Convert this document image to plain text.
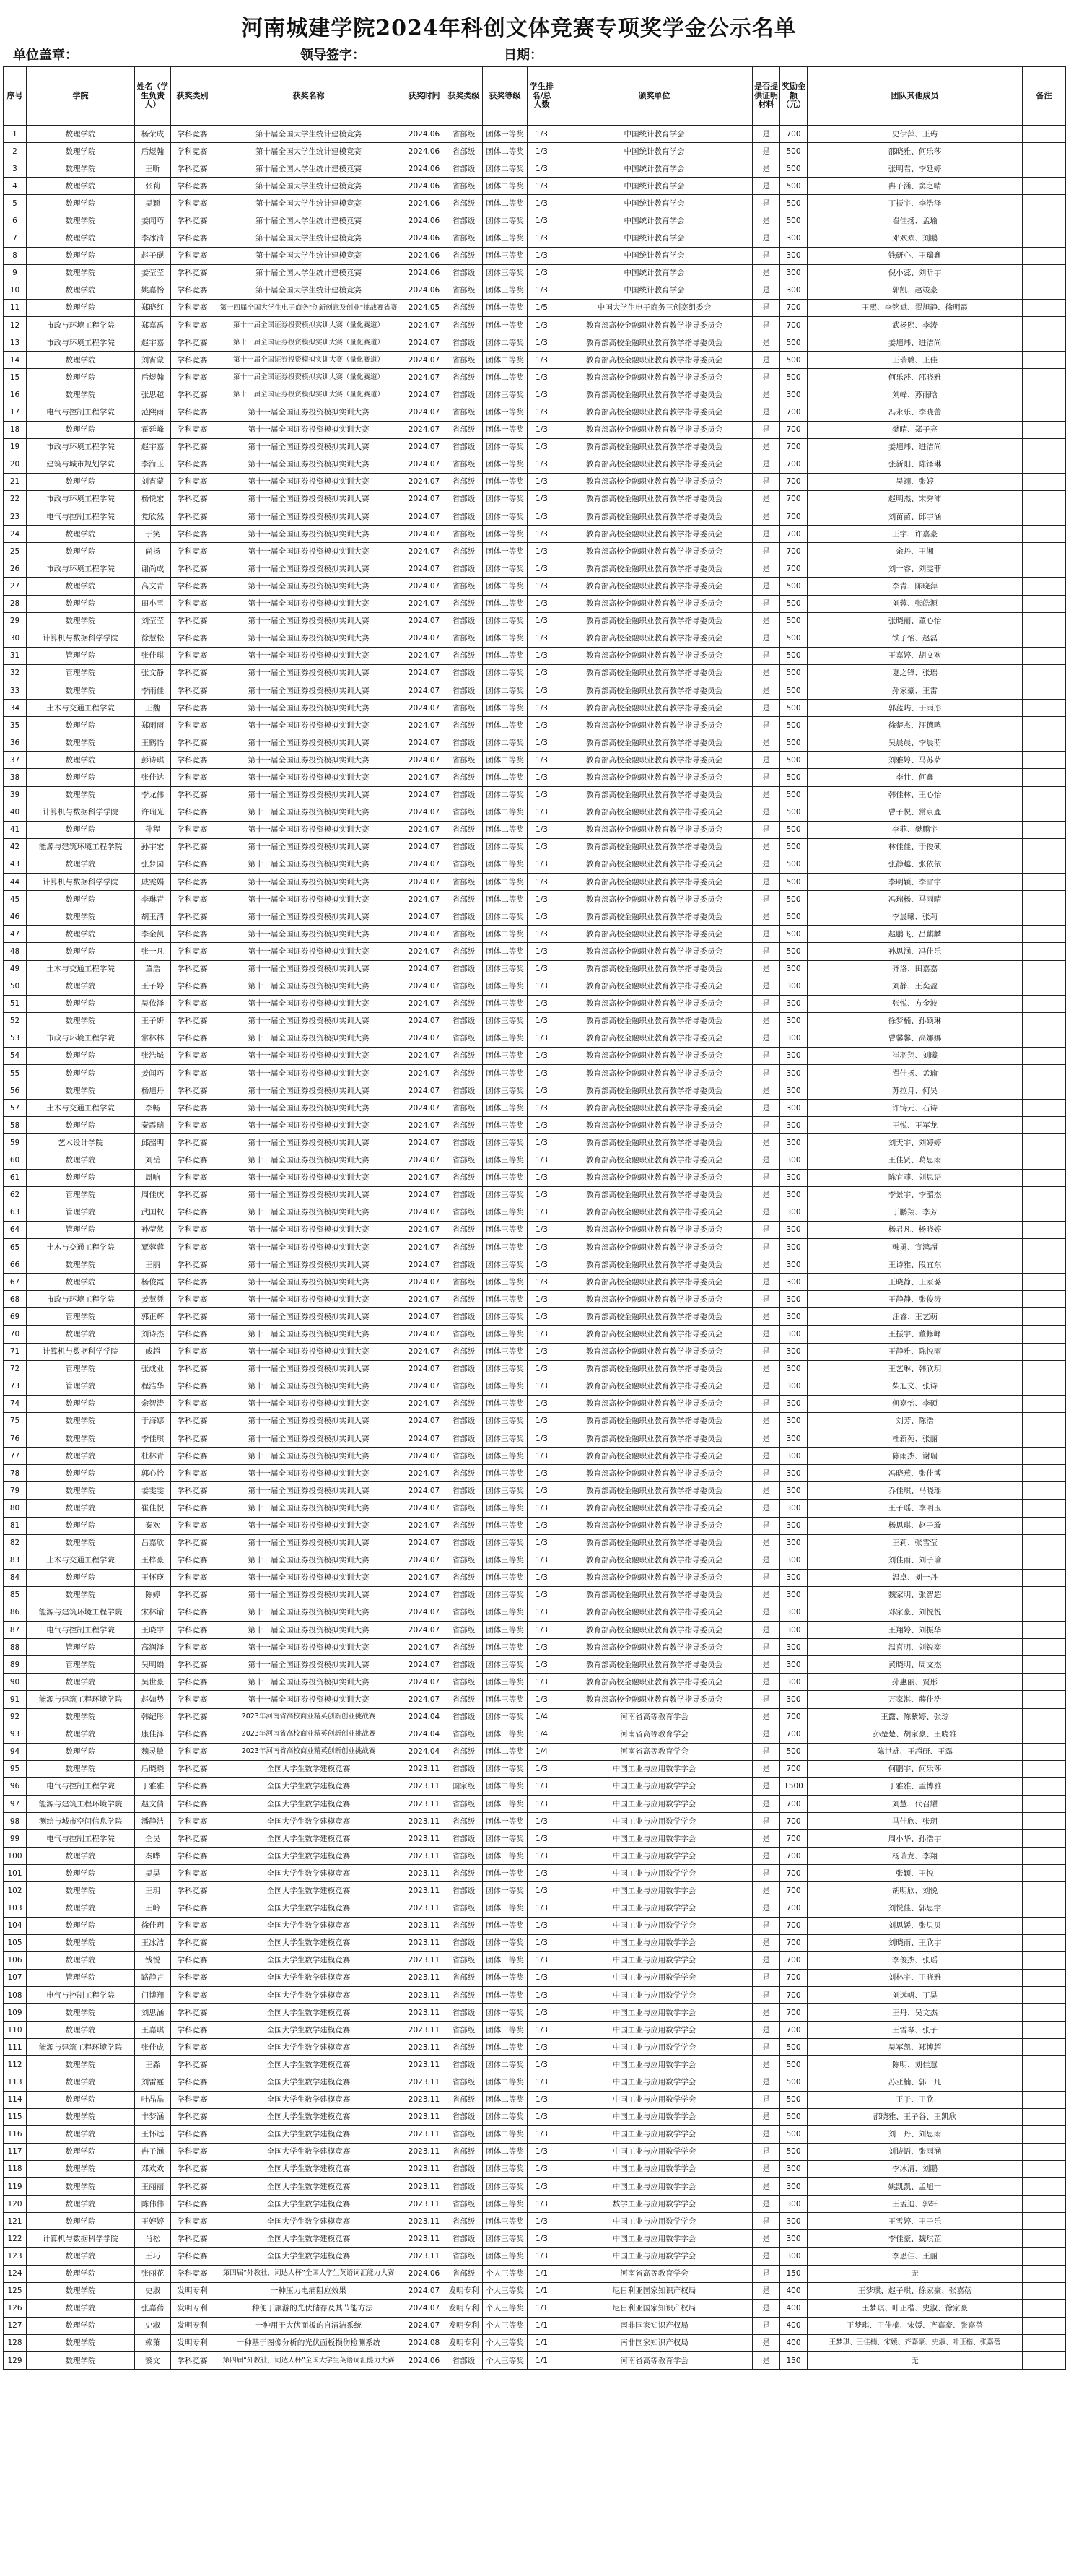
河南城建学院2024年科创文体竞赛专项奖学金公示名单
单位盖章：	领导签字：	日期：
序号	学院	姓名（学生负责人）	获奖类别	获奖名称	获奖时间	获奖类级	获奖等级	学生排名/总人数	颁奖单位	是否提供证明材料	奖励金额（元）	团队其他成员	备注
1	数理学院	杨荣成	学科竞赛	第十届全国大学生统计建模竞赛	2024.06	省部级	团体一等奖	1/3	中国统计教育学会	是	700	史伊萍、王玙	
2	数理学院	后煜翰	学科竞赛	第十届全国大学生统计建模竞赛	2024.06	省部级	团体二等奖	1/3	中国统计教育学会	是	500	邵晓雅、何乐莎	
3	数理学院	王昕	学科竞赛	第十届全国大学生统计建模竞赛	2024.06	省部级	团体二等奖	1/3	中国统计教育学会	是	500	张明君、李延婷	
4	数理学院	张莉	学科竞赛	第十届全国大学生统计建模竞赛	2024.06	省部级	团体二等奖	1/3	中国统计教育学会	是	500	冉子涵、窦之晴	
5	数理学院	吴颖	学科竞赛	第十届全国大学生统计建模竞赛	2024.06	省部级	团体二等奖	1/3	中国统计教育学会	是	500	丁振宇、李浩泽	
6	数理学院	姜闻巧	学科竞赛	第十届全国大学生统计建模竞赛	2024.06	省部级	团体二等奖	1/3	中国统计教育学会	是	500	翟佳扬、孟瑜	
7	数理学院	李冰清	学科竞赛	第十届全国大学生统计建模竞赛	2024.06	省部级	团体三等奖	1/3	中国统计教育学会	是	300	邓欢欢、刘鹏	
8	数理学院	赵子砚	学科竞赛	第十届全国大学生统计建模竞赛	2024.06	省部级	团体三等奖	1/3	中国统计教育学会	是	300	钱研心、王瑞鑫	
9	数理学院	姜莹莹	学科竞赛	第十届全国大学生统计建模竞赛	2024.06	省部级	团体三等奖	1/3	中国统计教育学会	是	300	倪小蕊、刘昕宇	
10	数理学院	姚嘉怡	学科竞赛	第十届全国大学生统计建模竞赛	2024.06	省部级	团体三等奖	1/3	中国统计教育学会	是	300	郭凯、赵竣豪	
11	数理学院	郑晓红	学科竞赛	第十四届全国大学生电子商务"创新创意及创业"挑战赛省赛	2024.05	省部级	团体一等奖	1/5	中国大学生电子商务三创赛组委会	是	700	王熙、李铭斌、翟旭静、徐明霞	
12	市政与环境工程学院	郑嘉禹	学科竞赛	第十一届全国证券投资模拟实训大赛（量化赛道）	2024.07	省部级	团体一等奖	1/3	教育部高校金融职业教育教学指导委员会	是	700	武杨熙、李涛	
13	市政与环境工程学院	赵宇嘉	学科竞赛	第十一届全国证券投资模拟实训大赛（量化赛道）	2024.07	省部级	团体二等奖	1/3	教育部高校金融职业教育教学指导委员会	是	500	姜旭炜、进洁尚	
14	数理学院	刘宵蒙	学科竞赛	第十一届全国证券投资模拟实训大赛（量化赛道）	2024.07	省部级	团体二等奖	1/3	教育部高校金融职业教育教学指导委员会	是	500	王瑞璐、王佳	
15	数理学院	后煜翰	学科竞赛	第十一届全国证券投资模拟实训大赛（量化赛道）	2024.07	省部级	团体二等奖	1/3	教育部高校金融职业教育教学指导委员会	是	500	何乐莎、邵晓雅	
16	数理学院	张思越	学科竞赛	第十一届全国证券投资模拟实训大赛（量化赛道）	2024.07	省部级	团体三等奖	1/3	教育部高校金融职业教育教学指导委员会	是	300	刘峰、苏雨晗	
17	电气与控制工程学院	范熙雨	学科竞赛	第十一届全国证券投资模拟实训大赛	2024.07	省部级	团体一等奖	1/3	教育部高校金融职业教育教学指导委员会	是	700	冯永乐、李晓蕾	
18	数理学院	霍廷峰	学科竞赛	第十一届全国证券投资模拟实训大赛	2024.07	省部级	团体一等奖	1/3	教育部高校金融职业教育教学指导委员会	是	700	樊晴、郑子亮	
19	市政与环境工程学院	赵宇嘉	学科竞赛	第十一届全国证券投资模拟实训大赛	2024.07	省部级	团体一等奖	1/3	教育部高校金融职业教育教学指导委员会	是	700	姜旭炜、进洁尚	
20	建筑与城市规划学院	李海玉	学科竞赛	第十一届全国证券投资模拟实训大赛	2024.07	省部级	团体一等奖	1/3	教育部高校金融职业教育教学指导委员会	是	700	张新阳、陈铎琳	
21	数理学院	刘宵蒙	学科竞赛	第十一届全国证券投资模拟实训大赛	2024.07	省部级	团体一等奖	1/3	教育部高校金融职业教育教学指导委员会	是	700	吴翊、张婷	
22	市政与环境工程学院	杨悦宏	学科竞赛	第十一届全国证券投资模拟实训大赛	2024.07	省部级	团体一等奖	1/3	教育部高校金融职业教育教学指导委员会	是	700	赵明杰、宋秀沛	
23	电气与控制工程学院	党欣然	学科竞赛	第十一届全国证券投资模拟实训大赛	2024.07	省部级	团体一等奖	1/3	教育部高校金融职业教育教学指导委员会	是	700	刘苗苗、邱宇涵	
24	数理学院	于笑	学科竞赛	第十一届全国证券投资模拟实训大赛	2024.07	省部级	团体一等奖	1/3	教育部高校金融职业教育教学指导委员会	是	700	王宇、许嘉豪	
25	数理学院	尚扬	学科竞赛	第十一届全国证券投资模拟实训大赛	2024.07	省部级	团体一等奖	1/3	教育部高校金融职业教育教学指导委员会	是	700	余丹、王湘	
26	市政与环境工程学院	谢尚成	学科竞赛	第十一届全国证券投资模拟实训大赛	2024.07	省部级	团体一等奖	1/3	教育部高校金融职业教育教学指导委员会	是	700	刘一睿、刘雯菲	
27	数理学院	高文青	学科竞赛	第十一届全国证券投资模拟实训大赛	2024.07	省部级	团体二等奖	1/3	教育部高校金融职业教育教学指导委员会	是	500	李青、陈晓萍	
28	数理学院	田小雪	学科竞赛	第十一届全国证券投资模拟实训大赛	2024.07	省部级	团体二等奖	1/3	教育部高校金融职业教育教学指导委员会	是	500	刘蓉、张皓源	
29	数理学院	刘莹莹	学科竞赛	第十一届全国证券投资模拟实训大赛	2024.07	省部级	团体二等奖	1/3	教育部高校金融职业教育教学指导委员会	是	500	张晓丽、董心怡	
30	计算机与数据科学学院	徐慧松	学科竞赛	第十一届全国证券投资模拟实训大赛	2024.07	省部级	团体二等奖	1/3	教育部高校金融职业教育教学指导委员会	是	500	铁子怡、赵磊	
31	管理学院	张佳琪	学科竞赛	第十一届全国证券投资模拟实训大赛	2024.07	省部级	团体二等奖	1/3	教育部高校金融职业教育教学指导委员会	是	500	王嘉婷、胡文欢	
32	管理学院	张文静	学科竞赛	第十一届全国证券投资模拟实训大赛	2024.07	省部级	团体二等奖	1/3	教育部高校金融职业教育教学指导委员会	是	500	夏之锋、张瑶	
33	数理学院	李雨佳	学科竞赛	第十一届全国证券投资模拟实训大赛	2024.07	省部级	团体二等奖	1/3	教育部高校金融职业教育教学指导委员会	是	500	孙家豪、王雷	
34	土木与交通工程学院	王魏	学科竞赛	第十一届全国证券投资模拟实训大赛	2024.07	省部级	团体二等奖	1/3	教育部高校金融职业教育教学指导委员会	是	500	郭蓝屿、于雨彤	
35	数理学院	郑雨雨	学科竞赛	第十一届全国证券投资模拟实训大赛	2024.07	省部级	团体二等奖	1/3	教育部高校金融职业教育教学指导委员会	是	500	徐楚杰、汪德鸣	
36	数理学院	王鹤怡	学科竞赛	第十一届全国证券投资模拟实训大赛	2024.07	省部级	团体二等奖	1/3	教育部高校金融职业教育教学指导委员会	是	500	吴晨晨、李晨萌	
37	数理学院	彭诗琪	学科竞赛	第十一届全国证券投资模拟实训大赛	2024.07	省部级	团体二等奖	1/3	教育部高校金融职业教育教学指导委员会	是	500	刘雅婷、马苏萨	
38	数理学院	张佳达	学科竞赛	第十一届全国证券投资模拟实训大赛	2024.07	省部级	团体二等奖	1/3	教育部高校金融职业教育教学指导委员会	是	500	李壮、何鑫	
39	数理学院	李龙伟	学科竞赛	第十一届全国证券投资模拟实训大赛	2024.07	省部级	团体二等奖	1/3	教育部高校金融职业教育教学指导委员会	是	500	韩佳林、王心怡	
40	计算机与数据科学学院	许瑞光	学科竞赛	第十一届全国证券投资模拟实训大赛	2024.07	省部级	团体二等奖	1/3	教育部高校金融职业教育教学指导委员会	是	500	曹子悦、常京鹿	
41	数理学院	孙程	学科竞赛	第十一届全国证券投资模拟实训大赛	2024.07	省部级	团体二等奖	1/3	教育部高校金融职业教育教学指导委员会	是	500	李菲、樊鹏宇	
42	能源与建筑环境工程学院	孙宇宏	学科竞赛	第十一届全国证券投资模拟实训大赛	2024.07	省部级	团体二等奖	1/3	教育部高校金融职业教育教学指导委员会	是	500	林佳佳、于俊硕	
43	数理学院	张梦园	学科竞赛	第十一届全国证券投资模拟实训大赛	2024.07	省部级	团体二等奖	1/3	教育部高校金融职业教育教学指导委员会	是	500	张静越、张依依	
44	计算机与数据科学学院	戚雯娟	学科竞赛	第十一届全国证券投资模拟实训大赛	2024.07	省部级	团体二等奖	1/3	教育部高校金融职业教育教学指导委员会	是	500	李明颖、李雪宇	
45	数理学院	李琳青	学科竞赛	第十一届全国证券投资模拟实训大赛	2024.07	省部级	团体二等奖	1/3	教育部高校金融职业教育教学指导委员会	是	500	冯瑞杨、马雨晴	
46	数理学院	胡玉清	学科竞赛	第十一届全国证券投资模拟实训大赛	2024.07	省部级	团体二等奖	1/3	教育部高校金融职业教育教学指导委员会	是	500	李晨曦、张莉	
47	数理学院	李金凯	学科竞赛	第十一届全国证券投资模拟实训大赛	2024.07	省部级	团体二等奖	1/3	教育部高校金融职业教育教学指导委员会	是	500	赵鹏飞、吕麒麟	
48	数理学院	张一凡	学科竞赛	第十一届全国证券投资模拟实训大赛	2024.07	省部级	团体二等奖	1/3	教育部高校金融职业教育教学指导委员会	是	500	孙思涵、冯佳乐	
49	土木与交通工程学院	董浩	学科竞赛	第十一届全国证券投资模拟实训大赛	2024.07	省部级	团体三等奖	1/3	教育部高校金融职业教育教学指导委员会	是	300	齐洛、田嘉嘉	
50	数理学院	王子婷	学科竞赛	第十一届全国证券投资模拟实训大赛	2024.07	省部级	团体三等奖	1/3	教育部高校金融职业教育教学指导委员会	是	300	刘静、王奕盈	
51	数理学院	吴依泽	学科竞赛	第十一届全国证券投资模拟实训大赛	2024.07	省部级	团体三等奖	1/3	教育部高校金融职业教育教学指导委员会	是	300	张悦、方金波	
52	数理学院	王子妍	学科竞赛	第十一届全国证券投资模拟实训大赛	2024.07	省部级	团体三等奖	1/3	教育部高校金融职业教育教学指导委员会	是	300	徐梦楠、孙硕琳	
53	市政与环境工程学院	常林林	学科竞赛	第十一届全国证券投资模拟实训大赛	2024.07	省部级	团体三等奖	1/3	教育部高校金融职业教育教学指导委员会	是	300	曹馨馨、高娜娜	
54	数理学院	张浩城	学科竞赛	第十一届全国证券投资模拟实训大赛	2024.07	省部级	团体三等奖	1/3	教育部高校金融职业教育教学指导委员会	是	300	崔羽翔、刘曦	
55	数理学院	姜闻巧	学科竞赛	第十一届全国证券投资模拟实训大赛	2024.07	省部级	团体三等奖	1/3	教育部高校金融职业教育教学指导委员会	是	300	翟佳扬、孟瑜	
56	数理学院	杨旭丹	学科竞赛	第十一届全国证券投资模拟实训大赛	2024.07	省部级	团体三等奖	1/3	教育部高校金融职业教育教学指导委员会	是	300	苏拉月、何昊	
57	土木与交通工程学院	李畅	学科竞赛	第十一届全国证券投资模拟实训大赛	2024.07	省部级	团体三等奖	1/3	教育部高校金融职业教育教学指导委员会	是	300	许铸元、石诗	
58	数理学院	秦霞瑞	学科竞赛	第十一届全国证券投资模拟实训大赛	2024.07	省部级	团体三等奖	1/3	教育部高校金融职业教育教学指导委员会	是	300	王悦、王军龙	
59	艺术设计学院	邱韶明	学科竞赛	第十一届全国证券投资模拟实训大赛	2024.07	省部级	团体三等奖	1/3	教育部高校金融职业教育教学指导委员会	是	300	刘天宇、刘婷婷	
60	数理学院	刘岳	学科竞赛	第十一届全国证券投资模拟实训大赛	2024.07	省部级	团体三等奖	1/3	教育部高校金融职业教育教学指导委员会	是	300	王佳贤、葛思雨	
61	数理学院	周响	学科竞赛	第十一届全国证券投资模拟实训大赛	2024.07	省部级	团体三等奖	1/3	教育部高校金融职业教育教学指导委员会	是	300	陈宜菲、刘思语	
62	管理学院	周佳庆	学科竞赛	第十一届全国证券投资模拟实训大赛	2024.07	省部级	团体三等奖	1/3	教育部高校金融职业教育教学指导委员会	是	300	李景宇、李韶杰	
63	管理学院	武国权	学科竞赛	第十一届全国证券投资模拟实训大赛	2024.07	省部级	团体三等奖	1/3	教育部高校金融职业教育教学指导委员会	是	300	于鹏翔、李芳	
64	管理学院	孙莹然	学科竞赛	第十一届全国证券投资模拟实训大赛	2024.07	省部级	团体三等奖	1/3	教育部高校金融职业教育教学指导委员会	是	300	杨君凡、杨晓婷	
65	土木与交通工程学院	覃蓉蓉	学科竞赛	第十一届全国证券投资模拟实训大赛	2024.07	省部级	团体三等奖	1/3	教育部高校金融职业教育教学指导委员会	是	300	韩勇、宣鸿超	
66	数理学院	王丽	学科竞赛	第十一届全国证券投资模拟实训大赛	2024.07	省部级	团体三等奖	1/3	教育部高校金融职业教育教学指导委员会	是	300	王诗雅、段宜东	
67	数理学院	杨俊霞	学科竞赛	第十一届全国证券投资模拟实训大赛	2024.07	省部级	团体三等奖	1/3	教育部高校金融职业教育教学指导委员会	是	300	王晓静、王家璐	
68	市政与环境工程学院	姜慧凭	学科竞赛	第十一届全国证券投资模拟实训大赛	2024.07	省部级	团体三等奖	1/3	教育部高校金融职业教育教学指导委员会	是	300	王静静、张俊涛	
69	管理学院	郭正辉	学科竞赛	第十一届全国证券投资模拟实训大赛	2024.07	省部级	团体三等奖	1/3	教育部高校金融职业教育教学指导委员会	是	300	汪睿、王艺萌	
70	数理学院	刘诗杰	学科竞赛	第十一届全国证券投资模拟实训大赛	2024.07	省部级	团体三等奖	1/3	教育部高校金融职业教育教学指导委员会	是	300	王振宇、董修峰	
71	计算机与数据科学学院	戚超	学科竞赛	第十一届全国证券投资模拟实训大赛	2024.07	省部级	团体三等奖	1/3	教育部高校金融职业教育教学指导委员会	是	300	王静雅、陈悦雨	
72	管理学院	张成业	学科竞赛	第十一届全国证券投资模拟实训大赛	2024.07	省部级	团体三等奖	1/3	教育部高校金融职业教育教学指导委员会	是	300	王艺琳、韩欣玥	
73	管理学院	程浩华	学科竞赛	第十一届全国证券投资模拟实训大赛	2024.07	省部级	团体三等奖	1/3	教育部高校金融职业教育教学指导委员会	是	300	柴旭文、张诗	
74	数理学院	余智涛	学科竞赛	第十一届全国证券投资模拟实训大赛	2024.07	省部级	团体三等奖	1/3	教育部高校金融职业教育教学指导委员会	是	300	何嘉怡、李硕	
75	数理学院	于海娜	学科竞赛	第十一届全国证券投资模拟实训大赛	2024.07	省部级	团体三等奖	1/3	教育部高校金融职业教育教学指导委员会	是	300	刘芳、陈浩	
76	数理学院	李佳琪	学科竞赛	第十一届全国证券投资模拟实训大赛	2024.07	省部级	团体三等奖	1/3	教育部高校金融职业教育教学指导委员会	是	300	杜新苑、张丽	
77	数理学院	杜林青	学科竞赛	第十一届全国证券投资模拟实训大赛	2024.07	省部级	团体三等奖	1/3	教育部高校金融职业教育教学指导委员会	是	300	陈雨杰、谢瑞	
78	数理学院	郭心怡	学科竞赛	第十一届全国证券投资模拟实训大赛	2024.07	省部级	团体三等奖	1/3	教育部高校金融职业教育教学指导委员会	是	300	冯晓燕、张佳博	
79	数理学院	姜雯雯	学科竞赛	第十一届全国证券投资模拟实训大赛	2024.07	省部级	团体三等奖	1/3	教育部高校金融职业教育教学指导委员会	是	300	乔佳琪、马晓瑶	
80	数理学院	崔佳悦	学科竞赛	第十一届全国证券投资模拟实训大赛	2024.07	省部级	团体三等奖	1/3	教育部高校金融职业教育教学指导委员会	是	300	王子瑶、李明玉	
81	数理学院	秦欢	学科竞赛	第十一届全国证券投资模拟实训大赛	2024.07	省部级	团体三等奖	1/3	教育部高校金融职业教育教学指导委员会	是	300	杨思琪、赵子璇	
82	数理学院	吕嘉欣	学科竞赛	第十一届全国证券投资模拟实训大赛	2024.07	省部级	团体三等奖	1/3	教育部高校金融职业教育教学指导委员会	是	300	王莉、张雪莹	
83	土木与交通工程学院	王梓豪	学科竞赛	第十一届全国证券投资模拟实训大赛	2024.07	省部级	团体三等奖	1/3	教育部高校金融职业教育教学指导委员会	是	300	刘佳雨、刘子瑜	
84	数理学院	王怀瑛	学科竞赛	第十一届全国证券投资模拟实训大赛	2024.07	省部级	团体三等奖	1/3	教育部高校金融职业教育教学指导委员会	是	300	温卓、刘一丹	
85	数理学院	陈婷	学科竞赛	第十一届全国证券投资模拟实训大赛	2024.07	省部级	团体三等奖	1/3	教育部高校金融职业教育教学指导委员会	是	300	魏家明、张智超	
86	能源与建筑环境工程学院	宋林谕	学科竞赛	第十一届全国证券投资模拟实训大赛	2024.07	省部级	团体三等奖	1/3	教育部高校金融职业教育教学指导委员会	是	300	邓家豪、刘悦悦	
87	电气与控制工程学院	王晓宇	学科竞赛	第十一届全国证券投资模拟实训大赛	2024.07	省部级	团体三等奖	1/3	教育部高校金融职业教育教学指导委员会	是	300	王翔婷、刘振华	
88	管理学院	高润泽	学科竞赛	第十一届全国证券投资模拟实训大赛	2024.07	省部级	团体三等奖	1/3	教育部高校金融职业教育教学指导委员会	是	300	温喜明、刘锐奕	
89	管理学院	吴明娟	学科竞赛	第十一届全国证券投资模拟实训大赛	2024.07	省部级	团体三等奖	1/3	教育部高校金融职业教育教学指导委员会	是	300	黄晓明、周文杰	
90	数理学院	吴世豪	学科竞赛	第十一届全国证券投资模拟实训大赛	2024.07	省部级	团体三等奖	1/3	教育部高校金融职业教育教学指导委员会	是	300	孙惠丽、贾彤	
91	能源与建筑工程环境学院	赵如势	学科竞赛	第十一届全国证券投资模拟实训大赛	2024.07	省部级	团体三等奖	1/3	教育部高校金融职业教育教学指导委员会	是	300	万家淇、薛佳浩	
92	数理学院	韩纪彤	学科竞赛	2023年河南省高校商业精英创新创业挑战赛	2024.04	省部级	团体一等奖	1/4	河南省高等教育学会	是	700	王露、陈紫婷、张琼	
93	数理学院	康佳泽	学科竞赛	2023年河南省高校商业精英创新创业挑战赛	2024.04	省部级	团体一等奖	1/4	河南省高等教育学会	是	700	孙楚楚、胡家豪、王晓雅	
94	数理学院	魏灵敏	学科竞赛	2023年河南省高校商业精英创新创业挑战赛	2024.04	省部级	团体二等奖	1/4	河南省高等教育学会	是	500	陈世雄、王超研、王露	
95	数理学院	后晓晓	学科竞赛	全国大学生数学建模竞赛	2023.11	省部级	团体一等奖	1/3	中国工业与应用数学学会	是	700	何鹏宇、何乐莎	
96	电气与控制工程学院	丁雅雅	学科竞赛	全国大学生数学建模竞赛	2023.11	国家级	团体二等奖	1/3	中国工业与应用数学学会	是	1500	丁雅雅、孟博雅	
97	能源与建筑工程环境学院	赵文倩	学科竞赛	全国大学生数学建模竞赛	2023.11	省部级	团体一等奖	1/3	中国工业与应用数学学会	是	700	刘慧、代召耀	
98	测绘与城市空间信息学院	潘静洁	学科竞赛	全国大学生数学建模竞赛	2023.11	省部级	团体一等奖	1/3	中国工业与应用数学学会	是	700	马佳欣、张玥	
99	电气与控制工程学院	仝昊	学科竞赛	全国大学生数学建模竞赛	2023.11	省部级	团体一等奖	1/3	中国工业与应用数学学会	是	700	周小华、孙浩宇	
100	数理学院	秦晔	学科竞赛	全国大学生数学建模竞赛	2023.11	省部级	团体一等奖	1/3	中国工业与应用数学学会	是	700	杨瑞龙、李翔	
101	数理学院	吴昊	学科竞赛	全国大学生数学建模竞赛	2023.11	省部级	团体一等奖	1/3	中国工业与应用数学学会	是	700	张颖、王悦	
102	数理学院	王玥	学科竞赛	全国大学生数学建模竞赛	2023.11	省部级	团体一等奖	1/3	中国工业与应用数学学会	是	700	胡明欣、刘悦	
103	数理学院	王岭	学科竞赛	全国大学生数学建模竞赛	2023.11	省部级	团体一等奖	1/3	中国工业与应用数学学会	是	700	刘悦佳、郭思宇	
104	数理学院	徐佳玥	学科竞赛	全国大学生数学建模竞赛	2023.11	省部级	团体一等奖	1/3	中国工业与应用数学学会	是	700	刘思媛、张贝贝	
105	数理学院	王冰洁	学科竞赛	全国大学生数学建模竞赛	2023.11	省部级	团体一等奖	1/3	中国工业与应用数学学会	是	700	刘晓雨、王欣宇	
106	数理学院	钱悦	学科竞赛	全国大学生数学建模竞赛	2023.11	省部级	团体一等奖	1/3	中国工业与应用数学学会	是	700	李俊杰、张瑶	
107	管理学院	路静言	学科竞赛	全国大学生数学建模竞赛	2023.11	省部级	团体一等奖	1/3	中国工业与应用数学学会	是	700	刘林宇、王晓雅	
108	电气与控制工程学院	门博翔	学科竞赛	全国大学生数学建模竞赛	2023.11	省部级	团体一等奖	1/3	中国工业与应用数学学会	是	700	刘远帆、丁昊	
109	数理学院	刘思涵	学科竞赛	全国大学生数学建模竞赛	2023.11	省部级	团体一等奖	1/3	中国工业与应用数学学会	是	700	王丹、吴文杰	
110	数理学院	王嘉琪	学科竞赛	全国大学生数学建模竞赛	2023.11	省部级	团体一等奖	1/3	中国工业与应用数学学会	是	700	王雪琴、张子	
111	能源与建筑工程环境学院	张佳成	学科竞赛	全国大学生数学建模竞赛	2023.11	省部级	团体二等奖	1/3	中国工业与应用数学学会	是	500	吴军凯、郑博超	
112	数理学院	王淼	学科竞赛	全国大学生数学建模竞赛	2023.11	省部级	团体二等奖	1/3	中国工业与应用数学学会	是	500	陈明、刘佳慧	
113	数理学院	刘雷霆	学科竞赛	全国大学生数学建模竞赛	2023.11	省部级	团体二等奖	1/3	中国工业与应用数学学会	是	500	苏亚楠、郭一凡	
114	数理学院	叶晶晶	学科竞赛	全国大学生数学建模竞赛	2023.11	省部级	团体二等奖	1/3	中国工业与应用数学学会	是	500	王子、王欣	
115	数理学院	丰梦涵	学科竞赛	全国大学生数学建模竞赛	2023.11	省部级	团体二等奖	1/3	中国工业与应用数学学会	是	500	邵晓雅、王子谷、王凯欣	
116	数理学院	王怀远	学科竞赛	全国大学生数学建模竞赛	2023.11	省部级	团体二等奖	1/3	中国工业与应用数学学会	是	500	刘一丹、刘思雨	
117	数理学院	冉子涵	学科竞赛	全国大学生数学建模竞赛	2023.11	省部级	团体二等奖	1/3	中国工业与应用数学学会	是	500	刘诗语、张雨涵	
118	数理学院	邓欢欢	学科竞赛	全国大学生数学建模竞赛	2023.11	省部级	团体三等奖	1/3	中国工业与应用数学学会	是	300	李冰清、刘鹏	
119	数理学院	王丽丽	学科竞赛	全国大学生数学建模竞赛	2023.11	省部级	团体三等奖	1/3	中国工业与应用数学学会	是	300	姚凯凯、孟旭一	
120	数理学院	陈伟伟	学科竞赛	全国大学生数学建模竞赛	2023.11	省部级	团体三等奖	1/3	数学工业与应用数学学会	是	300	王孟迪、郭轩	
121	数理学院	王婷婷	学科竞赛	全国大学生数学建模竞赛	2023.11	省部级	团体三等奖	1/3	中国工业与应用数学学会	是	300	王雪婷、王子乐	
122	计算机与数据科学学院	肖松	学科竞赛	全国大学生数学建模竞赛	2023.11	省部级	团体三等奖	1/3	中国工业与应用数学学会	是	300	李佳豪、魏琪芷	
123	数理学院	王巧	学科竞赛	全国大学生数学建模竞赛	2023.11	省部级	团体三等奖	1/3	中国工业与应用数学学会	是	300	李思佳、王丽	
124	数理学院	张丽花	学科竞赛	第四届“外教社，词达人杯”全国大学生英语词汇能力大赛	2024.06	省部级	个人三等奖	1/1	河南省高等教育学会	是	150	无	
125	数理学院	史淑	发明专利	一种压力电痛阻应效果	2024.07	发明专利	个人三等奖	1/1	尼日利亚国家知识产权局	是	400	王梦琪、赵子琪、徐家豪、张嘉蓓	
126	数理学院	张嘉蓓	发明专利	一种便于旅游的光伏储存及其节能方法	2024.07	发明专利	个人三等奖	1/1	尼日利亚国家知识产权局	是	400	王梦琪、叶正楷、史淑、徐家豪	
127	数理学院	史淑	发明专利	一种用于大伏面板的自清洁系统	2024.07	发明专利	个人三等奖	1/1	南非国家知识产权局	是	400	王梦琪、王佳楠、宋媛、齐嘉豪、张嘉蓓	
128	数理学院	赖萧	发明专利	一种基于图像分析的光伏面板损伤检测系统	2024.08	发明专利	个人三等奖	1/1	南非国家知识产权局	是	400	王梦琪、王佳楠、宋媛、齐嘉豪、史淑、叶正楷、张嘉蓓	
129	数理学院	黎文	学科竞赛	第四届“外教社，词达人杯”全国大学生英语词汇能力大赛	2024.06	省部级	个人三等奖	1/1	河南省高等教育学会	是	150	无	
